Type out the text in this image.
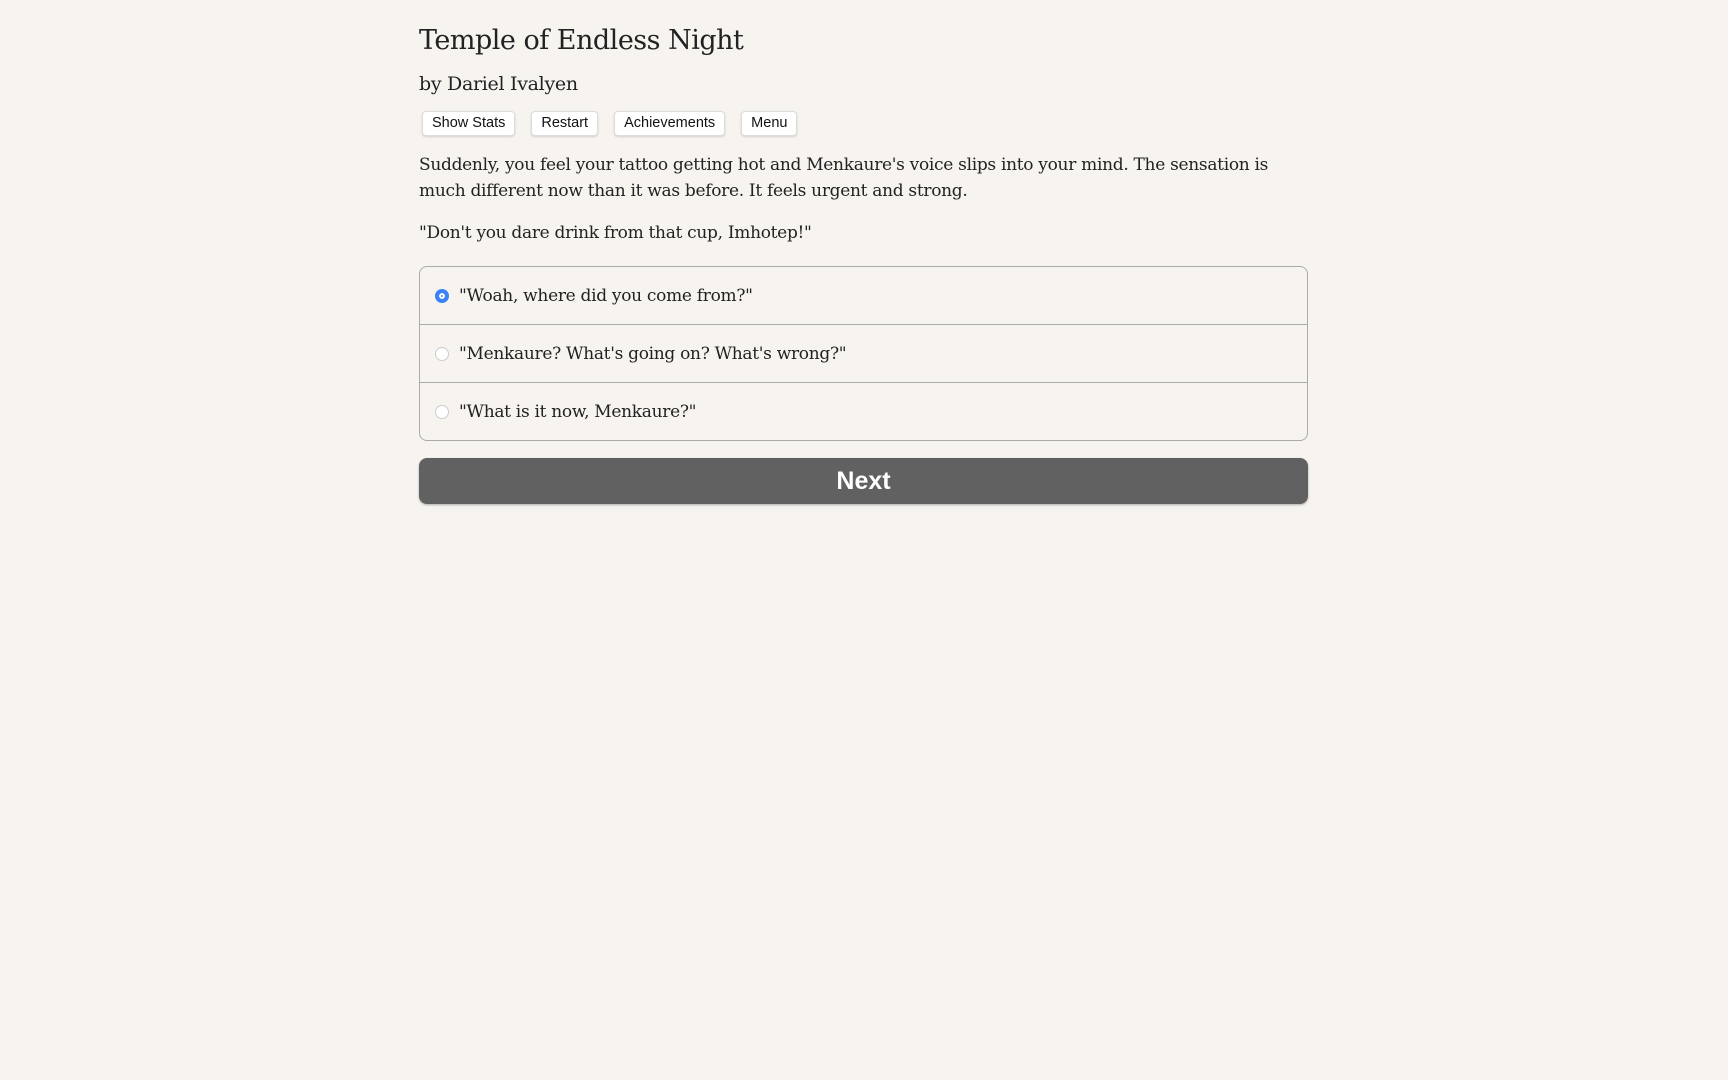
Temple of Endless Night
by Dariel Ivalyen
Show Stats	Restart	Achievements	Menu

Suddenly, you feel your tattoo getting hot and Menkaure's voice slips into your mind. The sensation is much different now than it was before. It feels urgent and strong.

"Don't you dare drink from that cup, Imhotep!"

"Woah, where did you come from?"
"Menkaure? What's going on? What's wrong?"
"What is it now, Menkaure?"
Next
